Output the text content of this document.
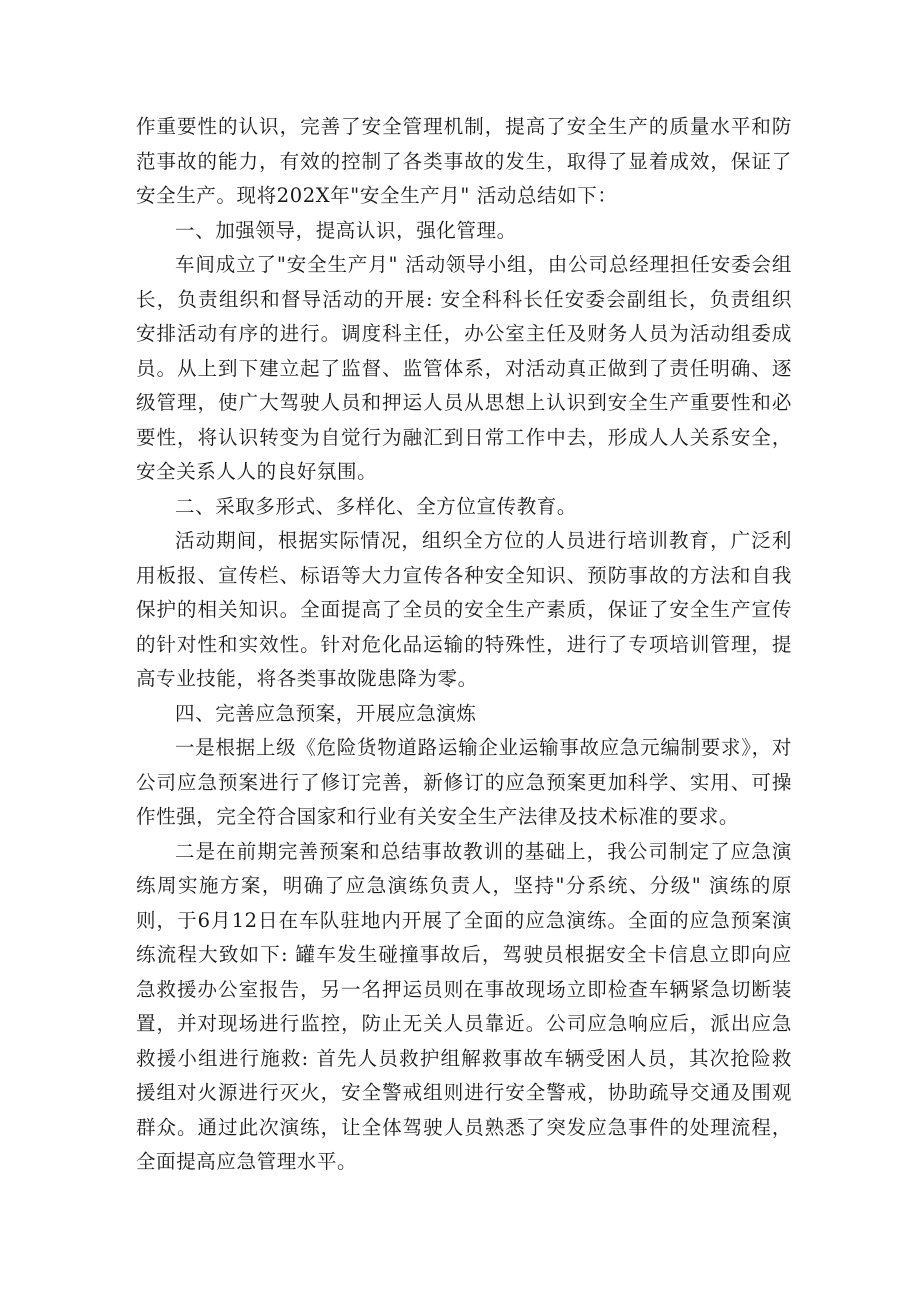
作重要性的认识，完善了安全管理机制，提高了安全生产的质量水平和防范事故的能力，有效的控制了各类事故的发生，取得了显着成效，保证了安全生产。现将202X年"安全生产月" 活动总结如下：

一、加强领导，提高认识，强化管理。

车间成立了"安全生产月" 活动领导小组，由公司总经理担任安委会组长，负责组织和督导活动的开展: 安全科科长任安委会副组长，负责组织安排活动有序的进行。调度科主任，办公室主任及财务人员为活动组委成员。从上到下建立起了监督、监管体系，对活动真正做到了责任明确、逐级管理，使广大驾驶人员和押运人员从思想上认识到安全生产重要性和必要性，将认识转变为自觉行为融汇到日常工作中去，形成人人关系安全，安全关系人人的良好氛围。

二、采取多形式、多样化、全方位宣传教育。

活动期间，根据实际情况，组织全方位的人员进行培训教育，广泛利用板报、宣传栏、标语等大力宣传各种安全知识、预防事故的方法和自我保护的相关知识。全面提高了全员的安全生产素质，保证了安全生产宣传的针对性和实效性。针对危化品运输的特殊性，进行了专项培训管理，提高专业技能，将各类事故陇患降为零。

四、完善应急预案，开展应急演炼

一是根据上级《危险货物道路运输企业运输事故应急元编制要求》，对公司应急预案进行了修订完善，新修订的应急预案更加科学、实用、可操作性强，完全符合国家和行业有关安全生产法律及技术标准的要求。

二是在前期完善预案和总结事故教训的基础上，我公司制定了应急演练周实施方案，明确了应急演练负责人，坚持"分系统、分级" 演练的原则，于6月12日在车队驻地内开展了全面的应急演练。全面的应急预案演练流程大致如下: 罐车发生碰撞事故后，驾驶员根据安全卡信息立即向应急救援办公室报告，另一名押运员则在事故现场立即检查车辆紧急切断装置，并对现场进行监控，防止无关人员靠近。公司应急响应后，派出应急救援小组进行施救: 首先人员救护组解救事故车辆受困人员，其次抢险救援组对火源进行灭火，安全警戒组则进行安全警戒，协助疏导交通及围观群众。通过此次演练，让全体驾驶人员熟悉了突发应急事件的处理流程，全面提高应急管理水平。
